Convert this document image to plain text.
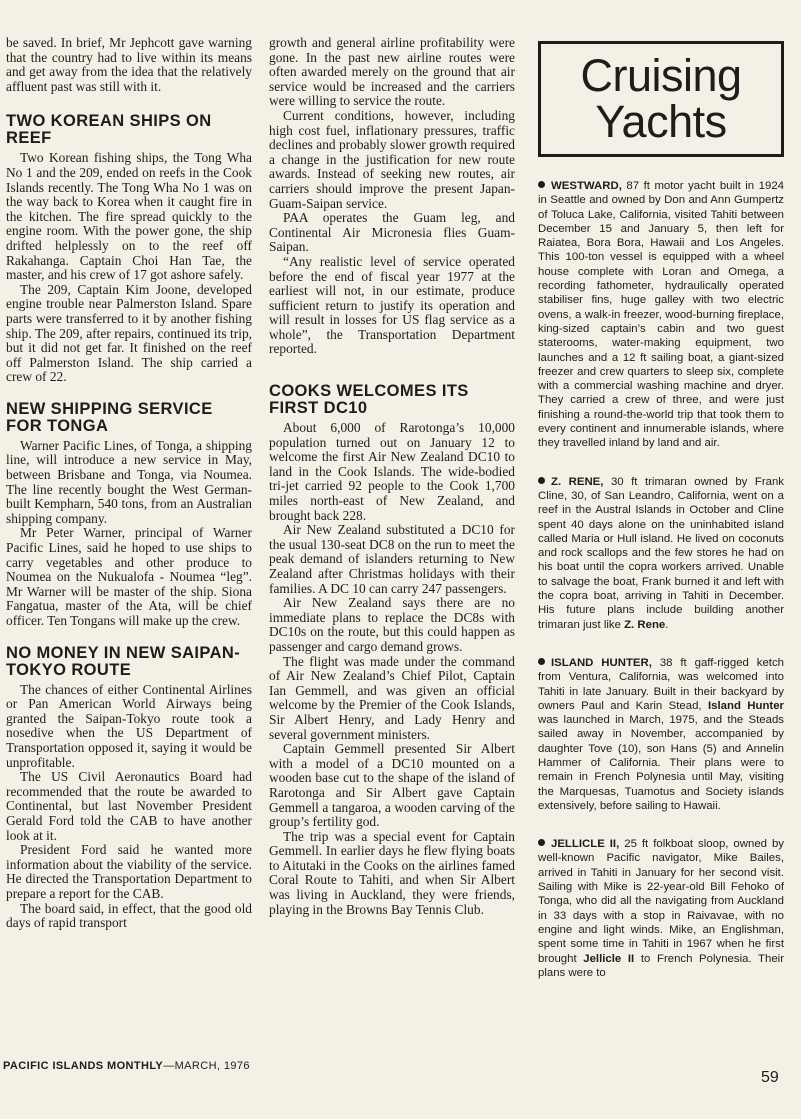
be saved. In brief, Mr Jephcott gave warning that the country had to live within its means and get away from the idea that the relatively affluent past was still with it.

TWO KOREAN SHIPS ON REEF

Two Korean fishing ships, the Tong Wha No 1 and the 209, ended on reefs in the Cook Islands recently. The Tong Wha No 1 was on the way back to Korea when it caught fire in the kitchen. The fire spread quickly to the engine room. With the power gone, the ship drifted helplessly on to the reef off Rakahanga. Captain Choi Han Tae, the master, and his crew of 17 got ashore safely.

The 209, Captain Kim Joone, developed engine trouble near Palmerston Island. Spare parts were transferred to it by another fishing ship. The 209, after repairs, continued its trip, but it did not get far. It finished on the reef off Palmerston Island. The ship carried a crew of 22.

NEW SHIPPING SERVICE FOR TONGA

Warner Pacific Lines, of Tonga, a shipping line, will introduce a new service in May, between Brisbane and Tonga, via Noumea. The line recently bought the West German-built Kempharn, 540 tons, from an Australian shipping company.

Mr Peter Warner, principal of Warner Pacific Lines, said he hoped to use ships to carry vegetables and other produce to Noumea on the Nukualofa - Noumea “leg”. Mr Warner will be master of the ship. Siona Fangatua, master of the Ata, will be chief officer. Ten Tongans will make up the crew.

NO MONEY IN NEW SAIPAN-TOKYO ROUTE

The chances of either Continental Airlines or Pan American World Airways being granted the Saipan-Tokyo route took a nosedive when the US Department of Transportation opposed it, saying it would be unprofitable.

The US Civil Aeronautics Board had recommended that the route be awarded to Continental, but last November President Gerald Ford told the CAB to have another look at it.

President Ford said he wanted more information about the viability of the service. He directed the Transportation Department to prepare a report for the CAB.

The board said, in effect, that the good old days of rapid transport

growth and general airline profitability were gone. In the past new airline routes were often awarded merely on the ground that air service would be increased and the carriers were willing to service the route.

Current conditions, however, including high cost fuel, inflationary pressures, traffic declines and probably slower growth required a change in the justification for new route awards. Instead of seeking new routes, air carriers should improve the present Japan-Guam-Saipan service.

PAA operates the Guam leg, and Continental Air Micronesia flies Guam-Saipan.

“Any realistic level of service operated before the end of fiscal year 1977 at the earliest will not, in our estimate, produce sufficient return to justify its operation and will result in losses for US flag service as a whole”, the Transportation Department reported.

COOKS WELCOMES ITS FIRST DC10

About 6,000 of Rarotonga’s 10,000 population turned out on January 12 to welcome the first Air New Zealand DC10 to land in the Cook Islands. The wide-bodied tri-jet carried 92 people to the Cook 1,700 miles north-east of New Zealand, and brought back 228.

Air New Zealand substituted a DC10 for the usual 130-seat DC8 on the run to meet the peak demand of islanders returning to New Zealand after Christmas holidays with their families. A DC 10 can carry 247 passengers.

Air New Zealand says there are no immediate plans to replace the DC8s with DC10s on the route, but this could happen as passenger and cargo demand grows.

The flight was made under the command of Air New Zealand’s Chief Pilot, Captain Ian Gemmell, and was given an official welcome by the Premier of the Cook Islands, Sir Albert Henry, and Lady Henry and several government ministers.

Captain Gemmell presented Sir Albert with a model of a DC10 mounted on a wooden base cut to the shape of the island of Rarotonga and Sir Albert gave Captain Gemmell a tangaroa, a wooden carving of the group’s fertility god.

The trip was a special event for Captain Gemmell. In earlier days he flew flying boats to Aitutaki in the Cooks on the airlines famed Coral Route to Tahiti, and when Sir Albert was living in Auckland, they were friends, playing in the Browns Bay Tennis Club.

Cruising
Yachts

WESTWARD, 87 ft motor yacht built in 1924 in Seattle and owned by Don and Ann Gumpertz of Toluca Lake, California, visited Tahiti between December 15 and January 5, then left for Raiatea, Bora Bora, Hawaii and Los Angeles. This 100-ton vessel is equipped with a wheel house complete with Loran and Omega, a recording fathometer, hydraulically operated stabiliser fins, huge galley with two electric ovens, a walk-in freezer, wood-burning fireplace, king-sized captain’s cabin and two guest staterooms, water-making equipment, two launches and a 12 ft sailing boat, a giant-sized freezer and crew quarters to sleep six, complete with a commercial washing machine and dryer. They carried a crew of three, and were just finishing a round-the-world trip that took them to every continent and innumerable islands, where they travelled inland by land and air.

Z. RENE, 30 ft trimaran owned by Frank Cline, 30, of San Leandro, California, went on a reef in the Austral Islands in October and Cline spent 40 days alone on the uninhabited island called Maria or Hull island. He lived on coconuts and rock scallops and the few stores he had on his boat until the copra workers arrived. Unable to salvage the boat, Frank burned it and left with the copra boat, arriving in Tahiti in December. His future plans include building another trimaran just like Z. Rene.

ISLAND HUNTER, 38 ft gaff-rigged ketch from Ventura, California, was welcomed into Tahiti in late January. Built in their backyard by owners Paul and Karin Stead, Island Hunter was launched in March, 1975, and the Steads sailed away in November, accompanied by daughter Tove (10), son Hans (5) and Annelin Hammer of California. Their plans were to remain in French Polynesia until May, visiting the Marquesas, Tuamotus and Society islands extensively, before sailing to Hawaii.

JELLICLE II, 25 ft folkboat sloop, owned by well-known Pacific navigator, Mike Bailes, arrived in Tahiti in January for her second visit. Sailing with Mike is 22-year-old Bill Fehoko of Tonga, who did all the navigating from Auckland in 33 days with a stop in Raivavae, with no engine and light winds. Mike, an Englishman, spent some time in Tahiti in 1967 when he first brought Jellicle II to French Polynesia. Their plans were to

PACIFIC ISLANDS MONTHLY—MARCH, 1976
59
